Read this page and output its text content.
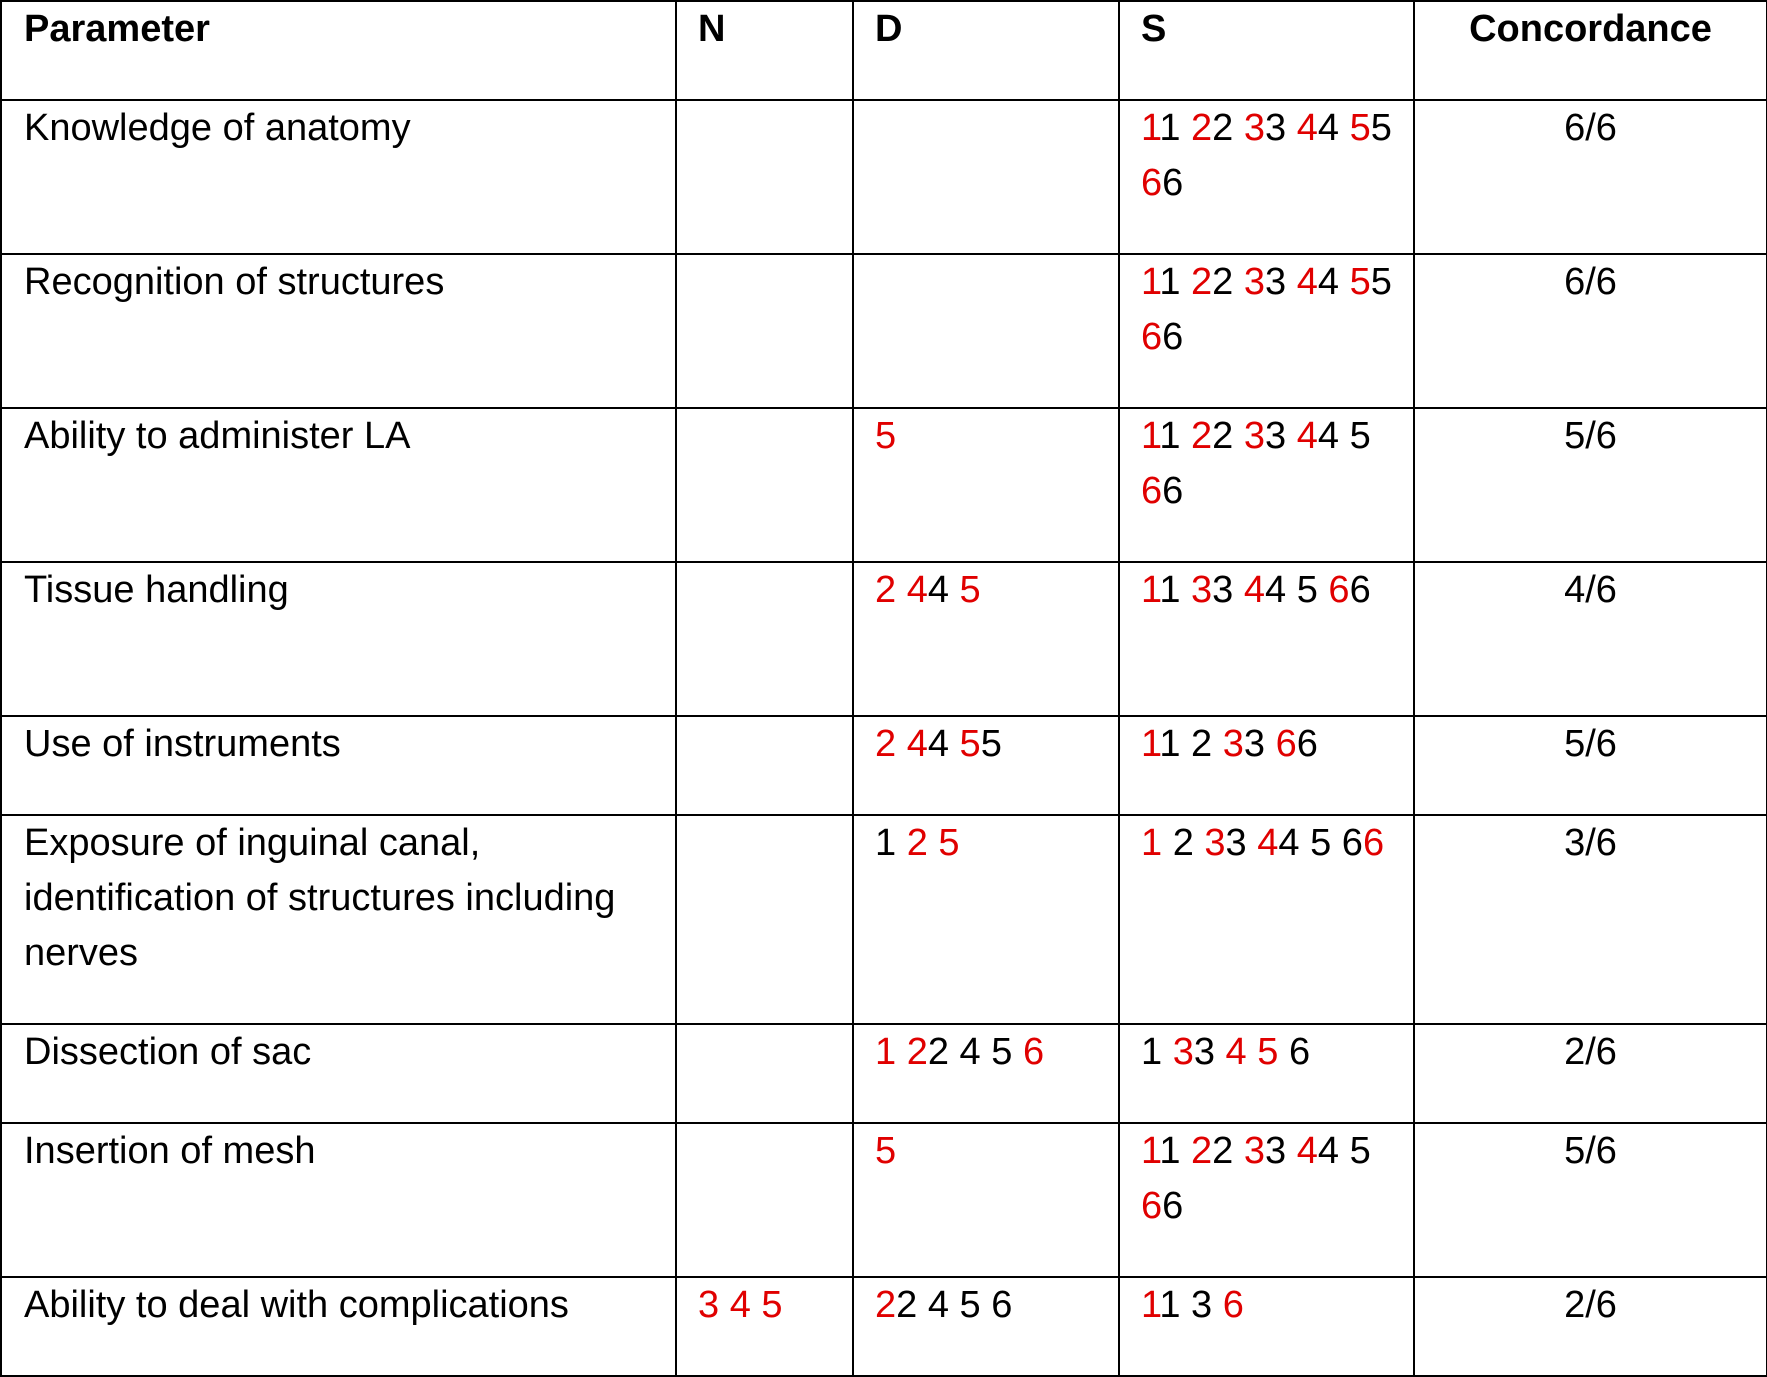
Parameter	N	D	S	Concordance
Knowledge of anatomy			11 22 33 44 55 66	6/6
Recognition of structures			11 22 33 44 55 66	6/6
Ability to administer LA		5	11 22 33 44 5 66	5/6
Tissue handling		2 44 5	11 33 44 5 66	4/6
Use of instruments		2 44 55	11 2 33 66	5/6
Exposure of inguinal canal, identification of structures including nerves		1 2 5	1 2 33 44 5 66	3/6
Dissection of sac		1 22 4 5 6	1 33 4 5 6	2/6
Insertion of mesh		5	11 22 33 44 5 66	5/6
Ability to deal with complications	3 4 5	22 4 5 6	11 3 6	2/6
